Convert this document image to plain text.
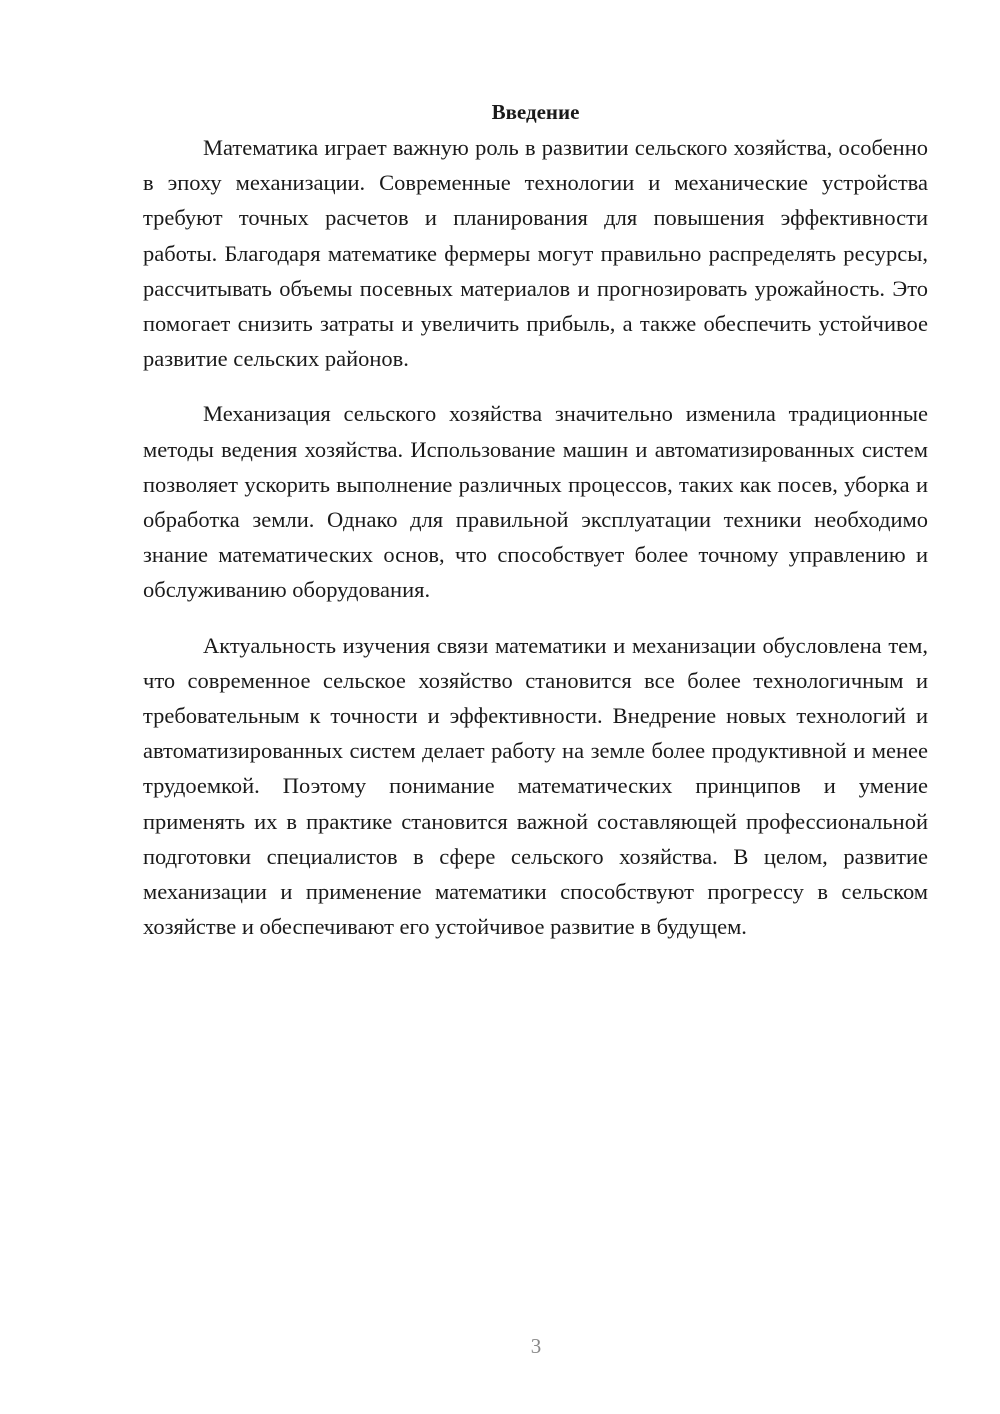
Введение

Математика играет важную роль в развитии сельского хозяйства, особенно в эпоху механизации. Современные технологии и механические устройства требуют точных расчетов и планирования для повышения эффективности работы. Благодаря математике фермеры могут правильно распределять ресурсы, рассчитывать объемы посевных материалов и прогнозировать урожайность. Это помогает снизить затраты и увеличить прибыль, а также обеспечить устойчивое развитие сельских районов.

Механизация сельского хозяйства значительно изменила традиционные методы ведения хозяйства. Использование машин и автоматизированных систем позволяет ускорить выполнение различных процессов, таких как посев, уборка и обработка земли. Однако для правильной эксплуатации техники необходимо знание математических основ, что способствует более точному управлению и обслуживанию оборудования.

Актуальность изучения связи математики и механизации обусловлена тем, что современное сельское хозяйство становится все более технологичным и требовательным к точности и эффективности. Внедрение новых технологий и автоматизированных систем делает работу на земле более продуктивной и менее трудоемкой. Поэтому понимание математических принципов и умение применять их в практике становится важной составляющей профессиональной подготовки специалистов в сфере сельского хозяйства. В целом, развитие механизации и применение математики способствуют прогрессу в сельском хозяйстве и обеспечивают его устойчивое развитие в будущем.

3
